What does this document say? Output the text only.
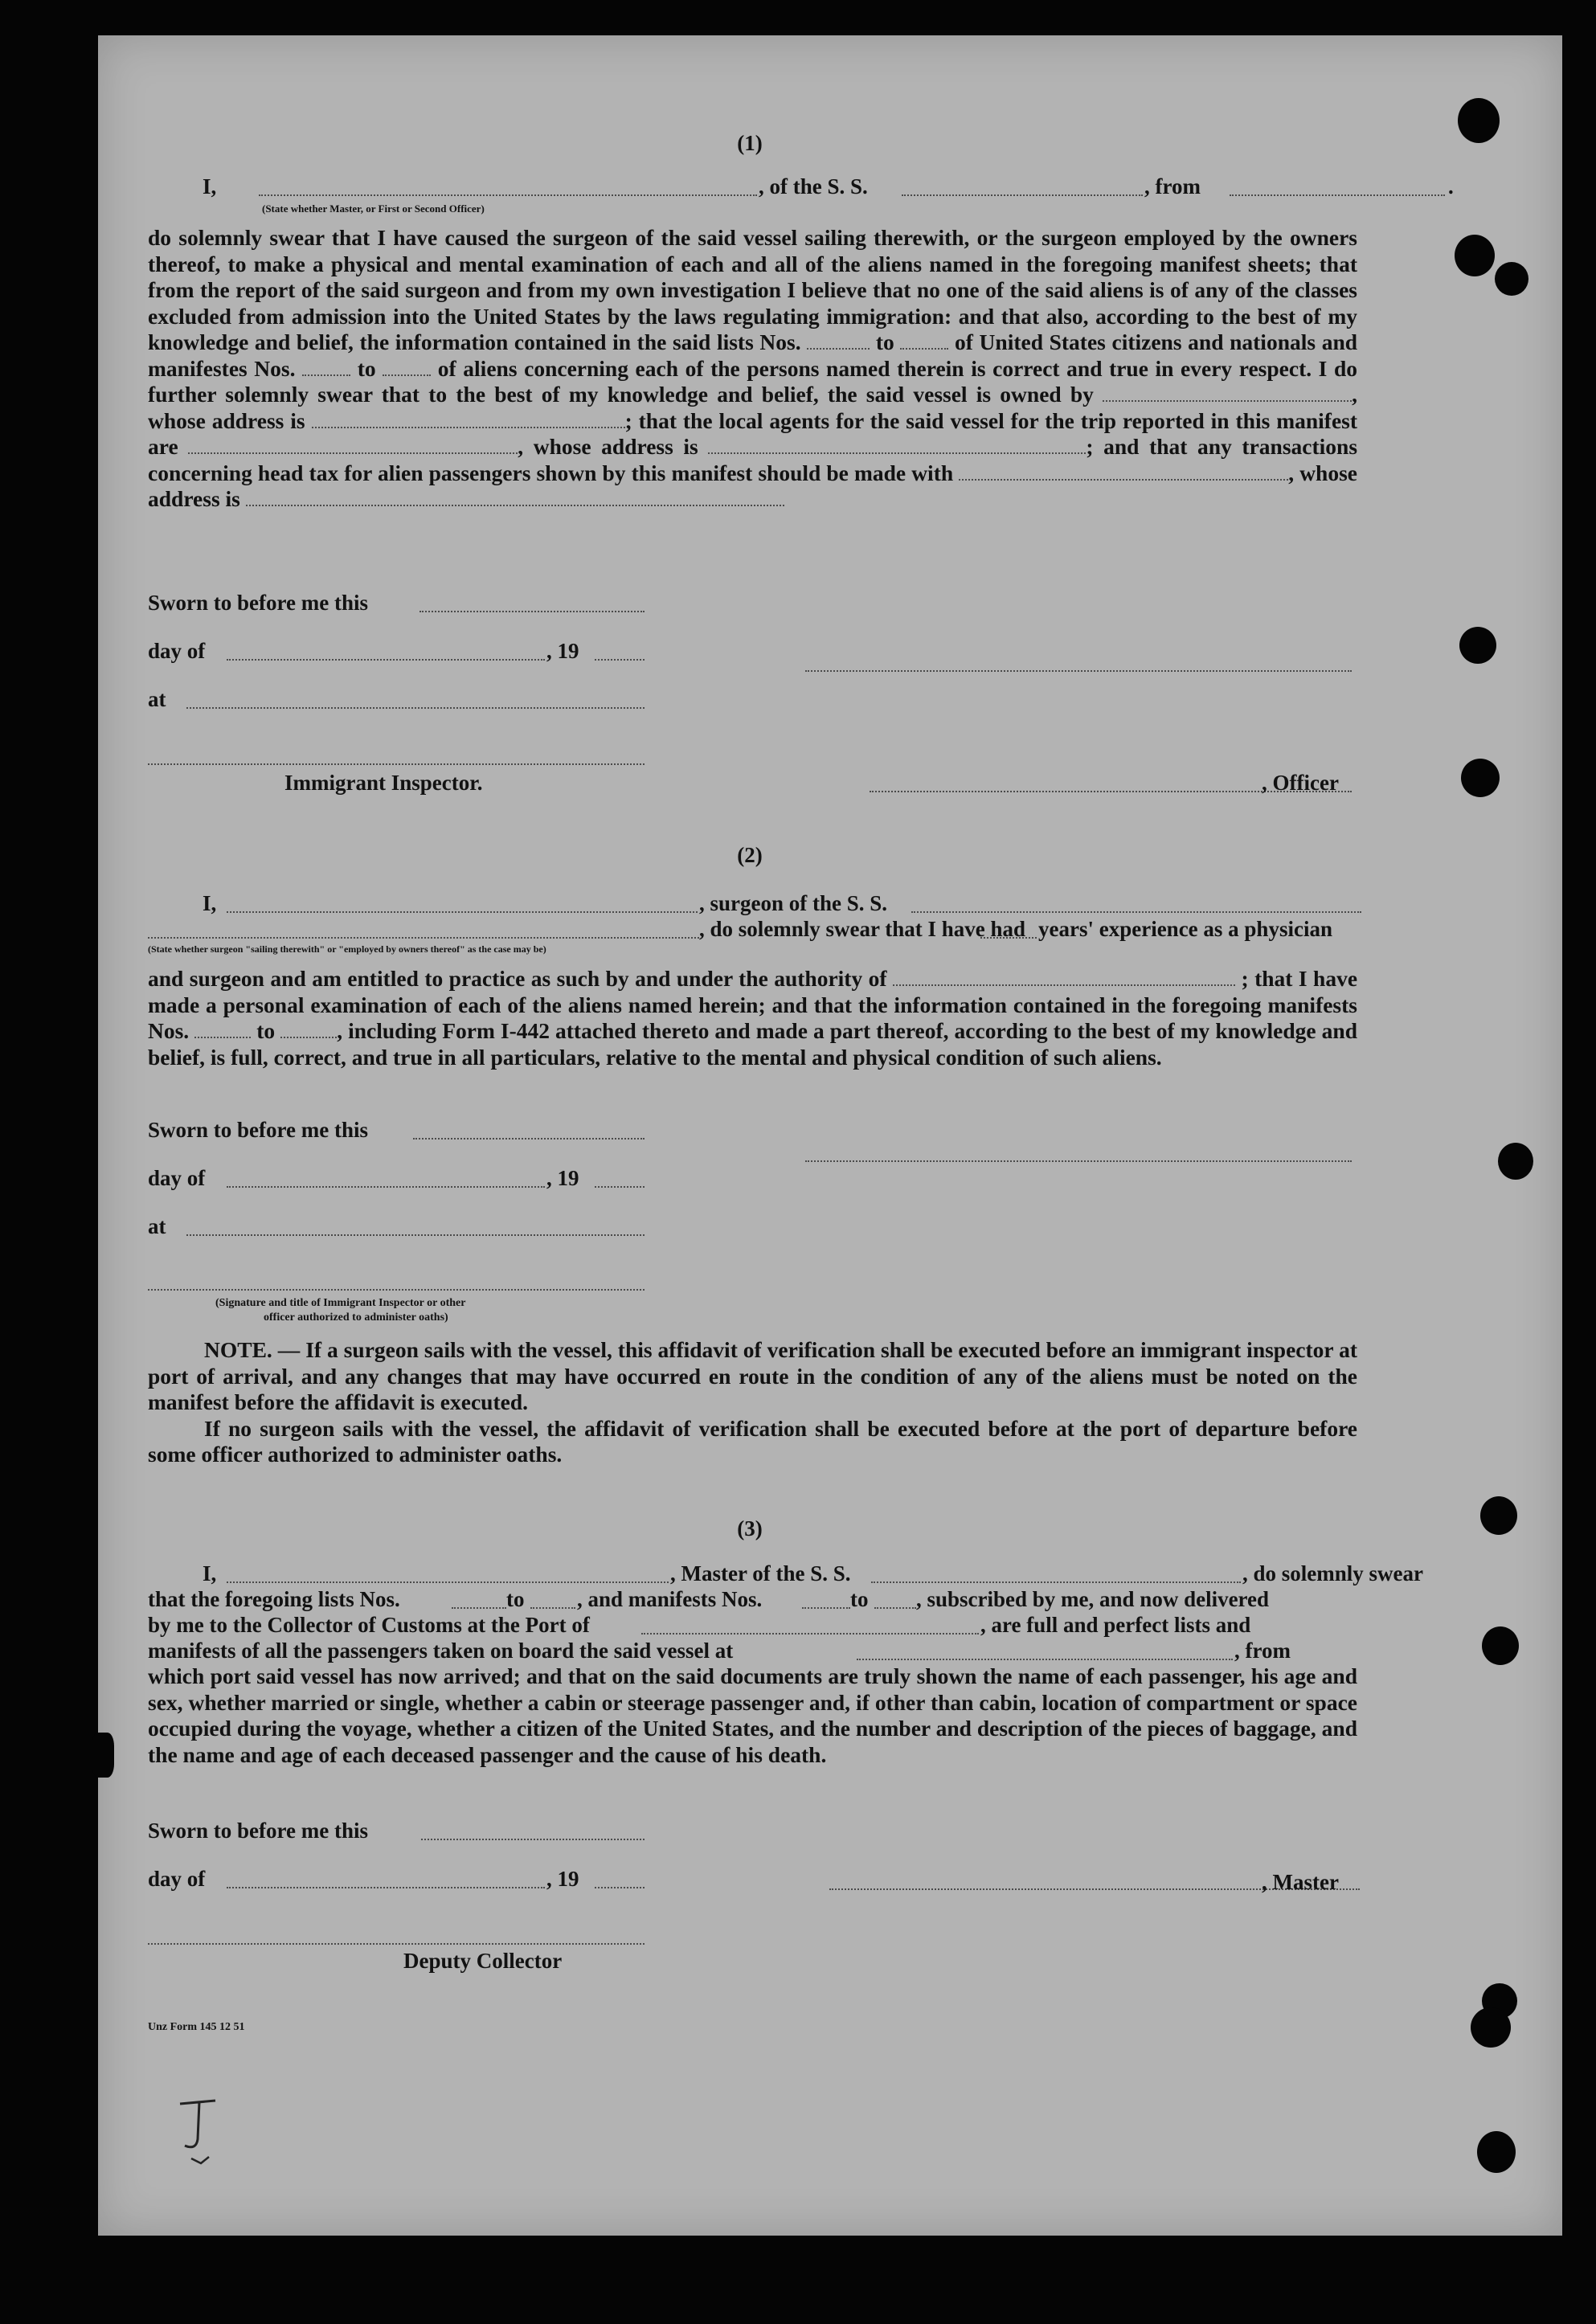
(1)
I,	, of the S. S.	, from	.
(State whether Master, or First or Second Officer)

do solemnly swear that I have caused the surgeon of the said vessel sailing therewith, or the surgeon employed by the owners thereof, to make a physical and mental examination of each and all of the aliens named in the foregoing manifest sheets; that from the report of the said surgeon and from my own investigation I believe that no one of the said aliens is of any of the classes excluded from admission into the United States by the laws regulating immigration: and that also, according to the best of my knowledge and belief, the information contained in the said lists Nos.	to	of United States citizens and nationals and manifestes Nos.	to	of aliens concerning each of the persons named therein is correct and true in every respect. I do further solemnly swear that to the best of my knowledge and belief, the said vessel is owned by	, whose address is	; that the local agents for the said vessel for the trip reported in this manifest are	, whose address is	; and that any transactions concerning head tax for alien passengers shown by this manifest should be made with	, whose address is

Sworn to before me this
day of	, 19
at
Immigrant Inspector.	, Officer
(2)
I,	, surgeon of the S. S.
, do solemnly swear that I have had years' experience as a physician
(State whether surgeon "sailing therewith" or "employed by owners thereof" as the case may be)

and surgeon and am entitled to practice as such by and under the authority of	; that I have made a personal examination of each of the aliens named herein; and that the information contained in the foregoing manifests Nos.	to	, including Form I-442 attached thereto and made a part thereof, according to the best of my knowledge and belief, is full, correct, and true in all particulars, relative to the mental and physical condition of such aliens.

Sworn to before me this
day of	, 19
at
(Signature and title of Immigrant Inspector or other
officer authorized to administer oaths)

NOTE. — If a surgeon sails with the vessel, this affidavit of verification shall be executed before an immigrant inspector at port of arrival, and any changes that may have occurred en route in the condition of any of the aliens must be noted on the manifest before the affidavit is executed.

If no surgeon sails with the vessel, the affidavit of verification shall be executed before at the port of departure before some officer authorized to administer oaths.

(3)
I,	, Master of the S. S.	, do solemnly swear
that the foregoing lists Nos.	to , and manifests Nos.	to , subscribed by me, and now delivered
by me to the Collector of Customs at the Port of	, are full and perfect lists and
manifests of all the passengers taken on board the said vessel at	, from

which port said vessel has now arrived; and that on the said documents are truly shown the name of each passenger, his age and sex, whether married or single, whether a cabin or steerage passenger and, if other than cabin, location of compartment or space occupied during the voyage, whether a citizen of the United States, and the number and description of the pieces of baggage, and the name and age of each deceased passenger and the cause of his death.

Sworn to before me this
day of	, 19	, Master
Deputy Collector
Unz Form 145 12 51
